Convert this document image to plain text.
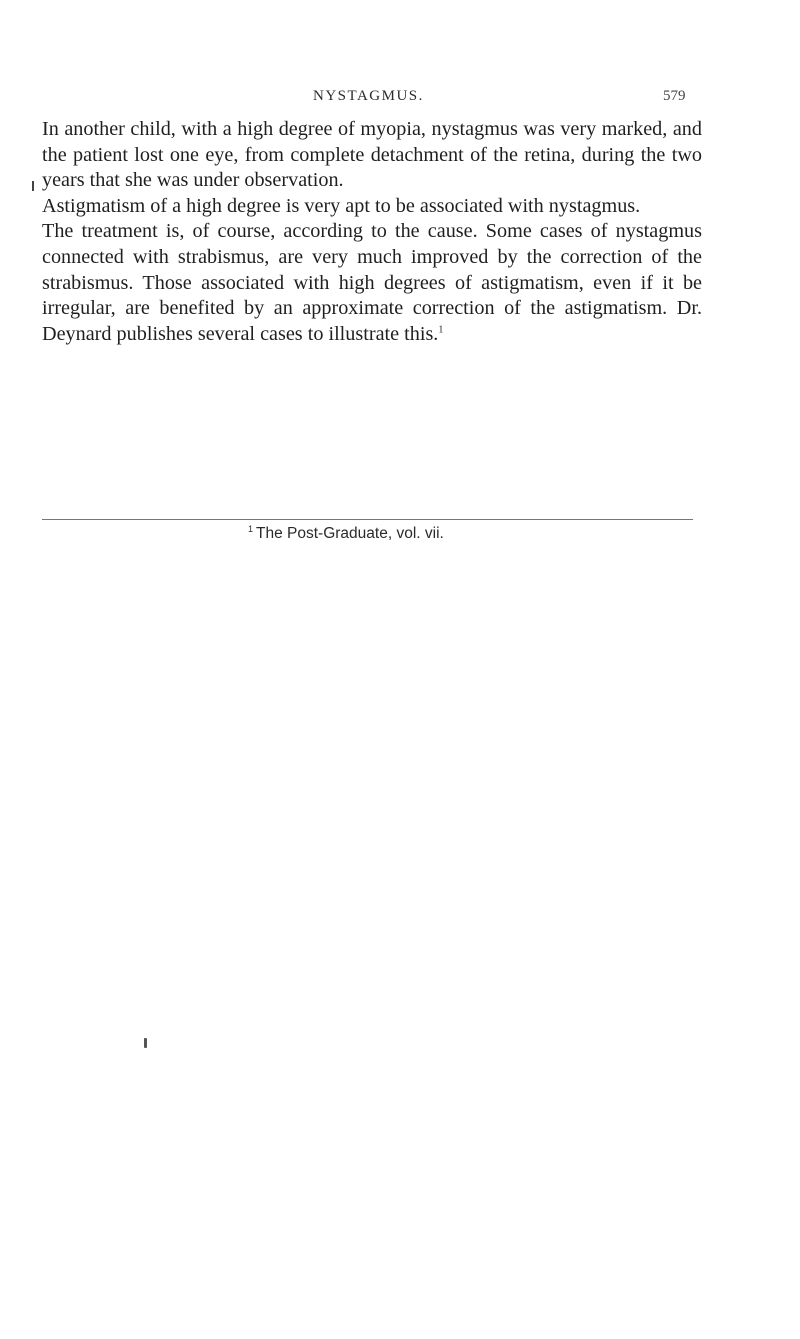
NYSTAGMUS.	579

In another child, with a high degree of myopia, nystagmus was very marked, and the patient lost one eye, from complete detachment of the retina, during the two years that she was under observation.

Astigmatism of a high degree is very apt to be associated with nystagmus.

The treatment is, of course, according to the cause. Some cases of nystagmus connected with strabismus, are very much improved by the correction of the strabismus. Those associated with high degrees of astigmatism, even if it be irregular, are benefited by an approximate correction of the astigmatism. Dr. Deynard publishes several cases to illustrate this.$^1$

$^1$ The Post-Graduate, vol. vii.
